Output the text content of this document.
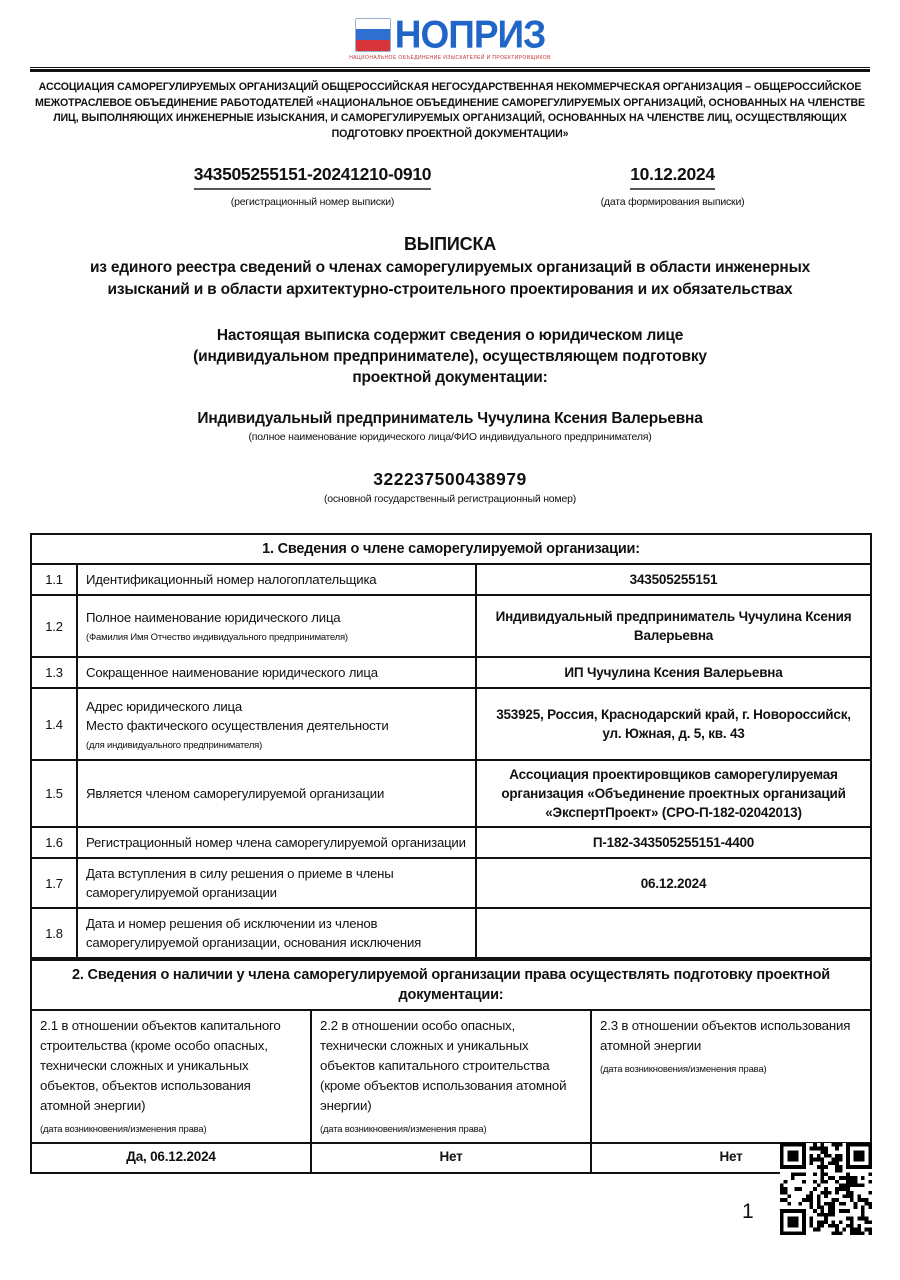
НОПРИЗ
НАЦИОНАЛЬНОЕ ОБЪЕДИНЕНИЕ ИЗЫСКАТЕЛЕЙ И ПРОЕКТИРОВЩИКОВ
АССОЦИАЦИЯ САМОРЕГУЛИРУЕМЫХ ОРГАНИЗАЦИЙ ОБЩЕРОССИЙСКАЯ НЕГОСУДАРСТВЕННАЯ НЕКОММЕРЧЕСКАЯ ОРГАНИЗАЦИЯ – ОБЩЕРОССИЙСКОЕ МЕЖОТРАСЛЕВОЕ ОБЪЕДИНЕНИЕ РАБОТОДАТЕЛЕЙ «НАЦИОНАЛЬНОЕ ОБЪЕДИНЕНИЕ САМОРЕГУЛИРУЕМЫХ ОРГАНИЗАЦИЙ, ОСНОВАННЫХ НА ЧЛЕНСТВЕ ЛИЦ, ВЫПОЛНЯЮЩИХ ИНЖЕНЕРНЫЕ ИЗЫСКАНИЯ, И САМОРЕГУЛИРУЕМЫХ ОРГАНИЗАЦИЙ, ОСНОВАННЫХ НА ЧЛЕНСТВЕ ЛИЦ, ОСУЩЕСТВЛЯЮЩИХ ПОДГОТОВКУ ПРОЕКТНОЙ ДОКУМЕНТАЦИИ»
343505255151-20241210-0910
(регистрационный номер выписки)
10.12.2024
(дата формирования выписки)
ВЫПИСКА
из единого реестра сведений о членах саморегулируемых организаций в области инженерных
изысканий и в области архитектурно-строительного проектирования и их обязательствах
Настоящая выписка содержит сведения о юридическом лице
(индивидуальном предпринимателе), осуществляющем подготовку
проектной документации:
Индивидуальный предприниматель Чучулина Ксения Валерьевна
(полное наименование юридического лица/ФИО индивидуального предпринимателя)
322237500438979
(основной государственный регистрационный номер)
1. Сведения о члене саморегулируемой организации:		
1.1	Идентификационный номер налогоплательщика	343505255151
1.2	Полное наименование юридического лица
(Фамилия Имя Отчество индивидуального предпринимателя)	Индивидуальный предприниматель Чучулина Ксения Валерьевна
1.3	Сокращенное наименование юридического лица	ИП Чучулина Ксения Валерьевна
1.4	Адрес юридического лица
Место фактического осуществления деятельности
(для индивидуального предпринимателя)	353925, Россия, Краснодарский край, г. Новороссийск, ул. Южная, д. 5, кв. 43
1.5	Является членом саморегулируемой организации	Ассоциация проектировщиков саморегулируемая организация «Объединение проектных организаций «ЭкспертПроект» (СРО-П-182-02042013)
1.6	Регистрационный номер члена саморегулируемой организации	П-182-343505255151-4400
1.7	Дата вступления в силу решения о приеме в члены саморегулируемой организации	06.12.2024
1.8	Дата и номер решения об исключении из членов саморегулируемой организации, основания исключения	
2. Сведения о наличии у члена саморегулируемой организации права осуществлять подготовку проектной документации:		

2.1 в отношении объектов капитального строительства (кроме особо опасных, технически сложных и уникальных объектов, объектов использования атомной энергии)
(дата возникновения/изменения права)

2.2 в отношении особо опасных, технически сложных и уникальных объектов капитального строительства (кроме объектов использования атомной энергии)
(дата возникновения/изменения права)

2.3 в отношении объектов использования атомной энергии
(дата возникновения/изменения права)

Да, 06.12.2024	Нет	Нет
1
